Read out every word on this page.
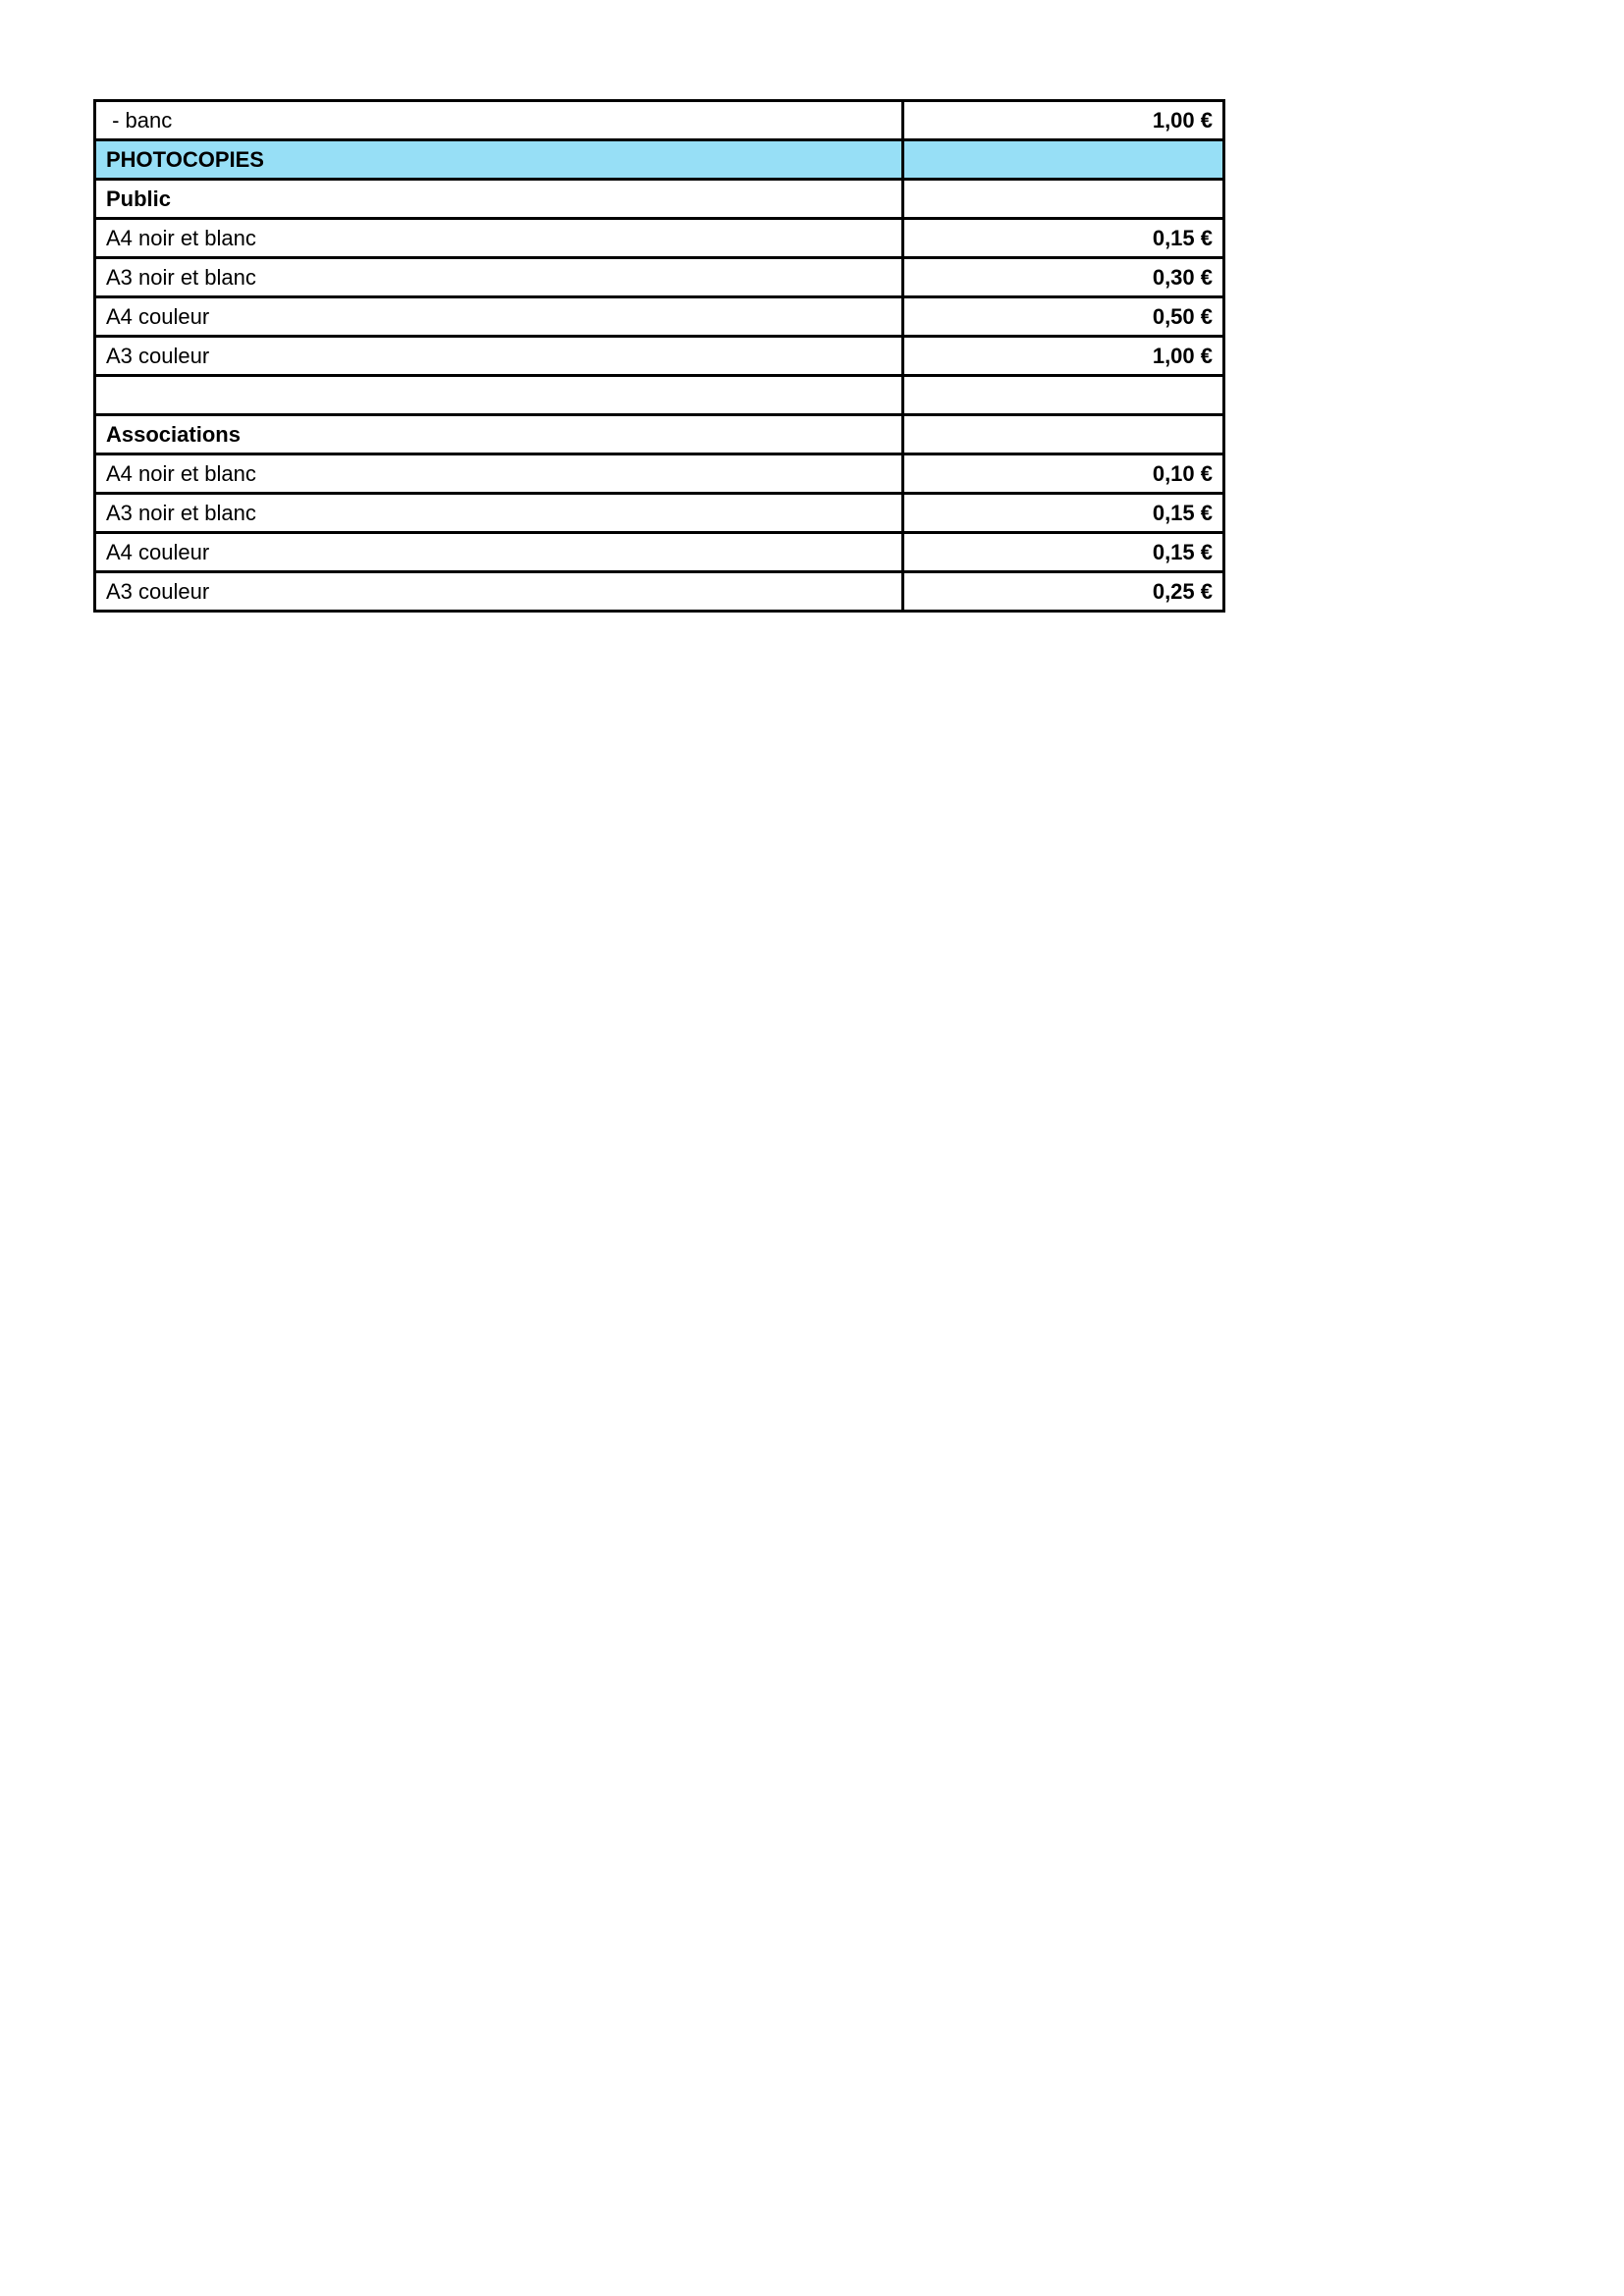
- banc	1,00 €
PHOTOCOPIES	
Public	
A4 noir et blanc	0,15 €
A3 noir et blanc	0,30 €
A4 couleur	0,50 €
A3 couleur	1,00 €

Associations	
A4 noir et blanc	0,10 €
A3 noir et blanc	0,15 €
A4 couleur	0,15 €
A3 couleur	0,25 €
